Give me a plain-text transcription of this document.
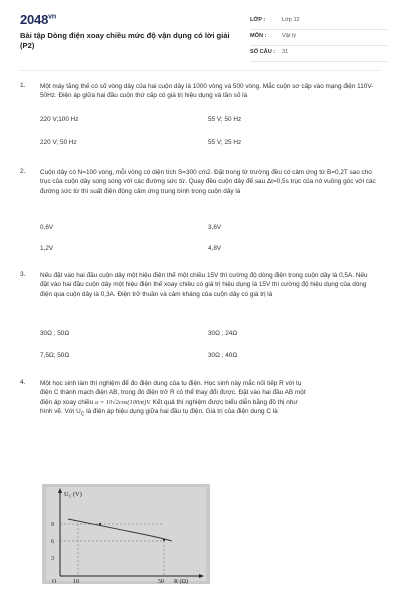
$2048^{vn}$
Bài tập Dòng điện xoay chiều mức độ vận dụng có lời giải (P2)
LỚP :	Lớp 12
MÔN :	Vật lý
SỐ CÂU : 31
1. Một máy tăng thế có số vòng dây của hai cuộn dây là 1000 vòng và 500 vòng. Mắc cuộn sơ cấp vào mạng điện 110V-50Hz. Điện áp giữa hai đầu cuộn thứ cấp có giá trị hiệu dụng và tần số là
220 V;100 Hz	55 V; 50 Hz
220 V; 50 Hz	55 V; 25 Hz
2. Cuộn dây có N=100 vòng, mỗi vòng có diện tích S=300 cm2. Đặt trong từ trường đều có cảm ứng từ B=0,2T sao cho trục của cuộn dây song song với các đường sức từ. Quay đều cuộn dây để sau Δt=0,5s trục của nó vuông góc với các đường sức từ thì suất điện động cảm ứng trung bình trong cuộn dây là
0,6V	3,6V
1,2V	4,8V
3. Nếu đặt vào hai đầu cuộn dây một hiệu điện thế một chiều 15V thì cường độ dòng điện trong cuộn dây là 0,5A. Nếu đặt vào hai đầu cuộn dây một hiệu điện thế xoay chiều có giá trị hiệu dụng là 15V thì cường độ hiệu dụng của dòng điện qua cuộn dây là 0,3A. Điện trở thuần và cảm kháng của cuộn dây có giá trị là
30Ω ; 50Ω	30Ω ; 24Ω
7,5Ω; 50Ω	30Ω ; 40Ω
4. Một học sinh làm thí nghiệm để đo điện dung của tụ điện. Học sinh này mắc nối tiếp R với tụ
điện C thành mạch điện AB, trong đó điện trở R có thể thay đổi được. Đặt vào hai đầu AB một
điện áp xoay chiều u = 10√2cos(100πt)V. Kết quả thí nghiệm được biểu diễn bằng đồ thị như
hình vẽ. Với $U_C$ là điện áp hiệu dụng giữa hai đầu tụ điện. Giá trị của điện dung C là
$U_C(V)$
9
6
3
O	10	50 R (Ω)
